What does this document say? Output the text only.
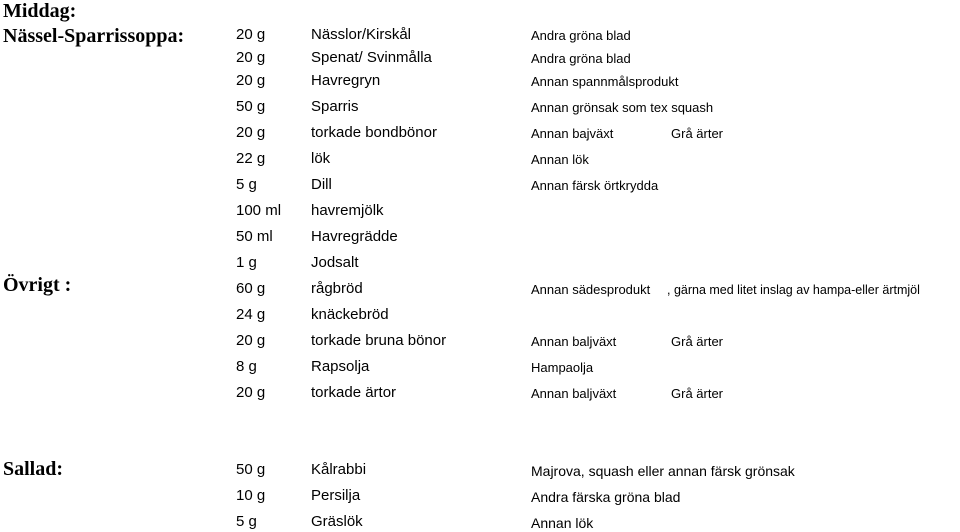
Middag:
Nässel-Sparrissoppa:
Övrigt :
Sallad:
20 g	Nässlor/Kirskål	Andra gröna blad
20 g	Spenat/ Svinmålla	Andra gröna blad
20 g	Havregryn	Annan spannmålsprodukt
50 g	Sparris	Annan grönsak som tex squash
20 g	torkade bondbönor	Annan bajväxt	Grå ärter
22 g	lök	Annan lök
5 g	Dill	Annan färsk örtkrydda
100 ml havremjölk
50 ml	Havregrädde
1 g	Jodsalt
60 g	rågbröd	Annan sädesprodukt , gärna med litet inslag av hampa-eller ärtmjöl
24 g	knäckebröd
20 g	torkade bruna bönor	Annan baljväxt	Grå ärter
8 g	Rapsolja	Hampaolja
20 g	torkade ärtor	Annan baljväxt	Grå ärter
50 g	Kålrabbi	Majrova, squash eller annan färsk grönsak
10 g	Persilja	Andra färska gröna blad
5 g	Gräslök	Annan lök
